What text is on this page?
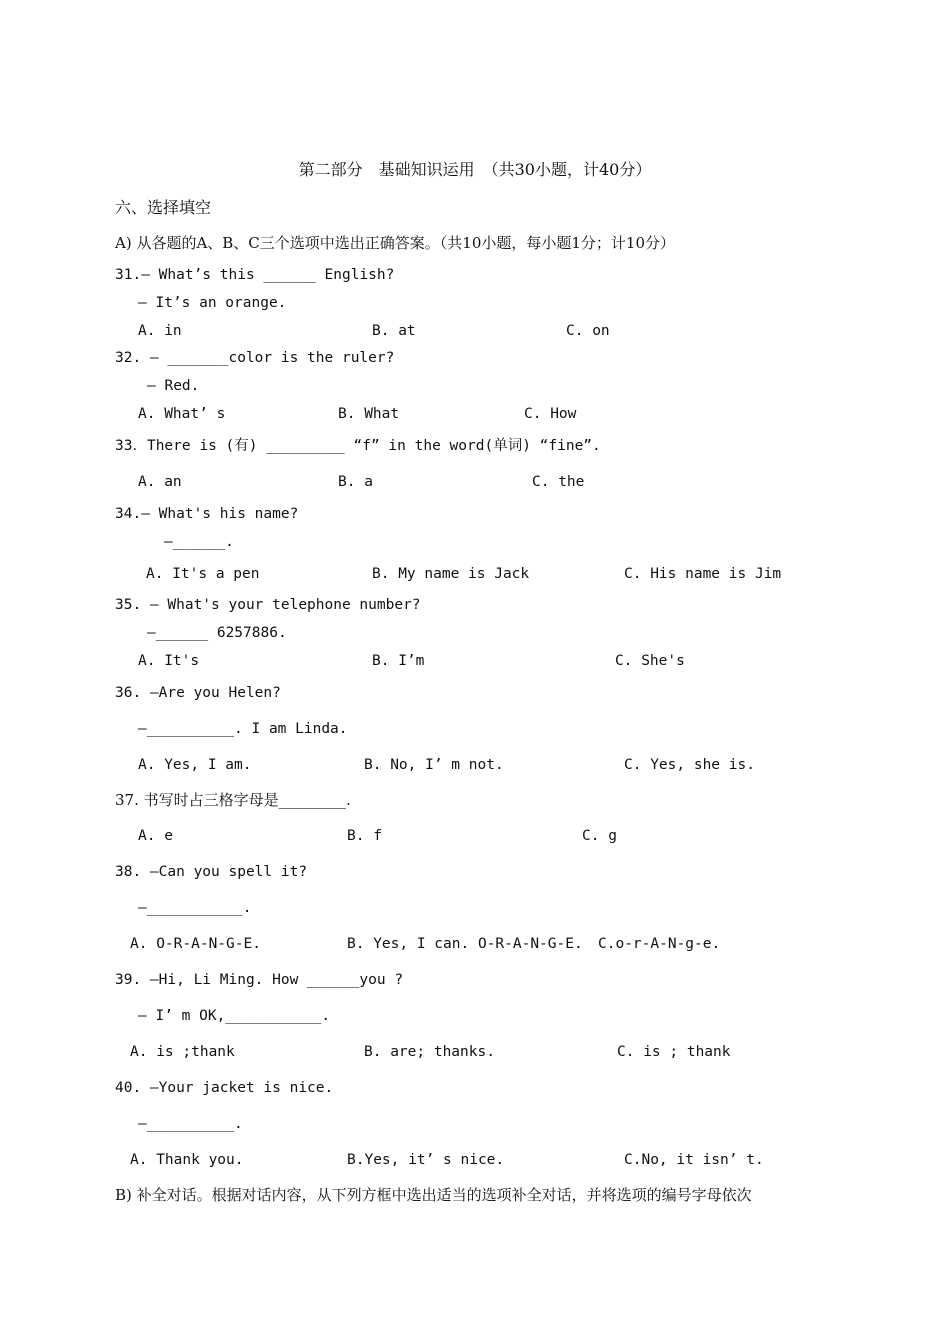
第二部分　基础知识运用　（共30小题，计40分）
六、选择填空
A) 从各题的A、B、C三个选项中选出正确答案。（共10小题，每小题1分；计10分）
31.— What’s this ______ English?
— It’s an orange.
A. in	B. at	C. on
32. — _______color is the ruler?
— Red.
A. What’ s	B. What	C. How
33．There is (有) _________ “f” in the word(单词) “fine”.
A. an	B. a	C. the
34.— What's his name?
—______.
A. It's a pen	B. My name is Jack	C. His name is Jim
35. — What's your telephone number?
—______ 6257886.
A. It's	B. I’m	C. She's
36. —Are you Helen?
—__________. I am Linda.
A. Yes, I am.	B. No, I’ m not.	C. Yes, she is.
37. 书写时占三格字母是_________.
A. e	B. f	C. g
38. —Can you spell it?
—___________.
A. O-R-A-N-G-E.	B. Yes, I can. O-R-A-N-G-E. C.o-r-A-N-g-e.
39. —Hi, Li Ming. How ______you ?
— I’ m OK,___________.
A. is ;thank	B. are; thanks.	C. is ; thank
40. —Your jacket is nice.
—__________.
A. Thank you.	B.Yes, it’ s nice.	C.No, it isn’ t.
B) 补全对话。根据对话内容，从下列方框中选出适当的选项补全对话，并将选项的编号字母依次
